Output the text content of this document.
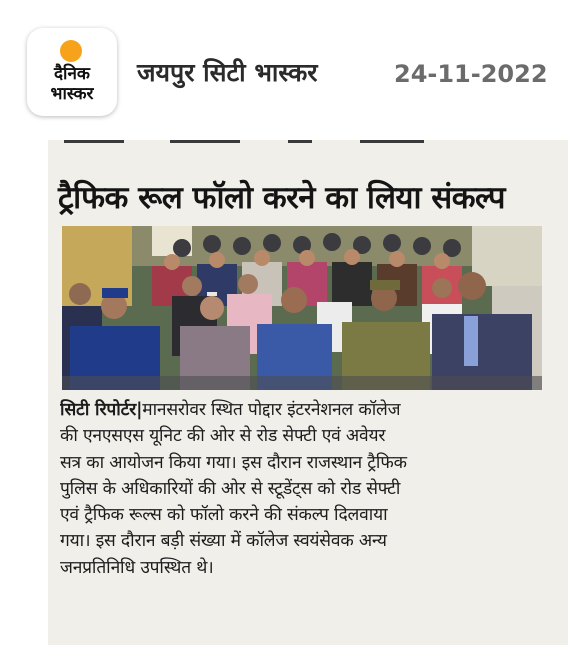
दैनिक
भास्कर
जयपुर सिटी भास्कर	24-11-2022
ट्रैफिक रूल फॉलो करने का लिया संकल्प
सिटी रिपोर्टर|मानसरोवर स्थित पोद्दार इंटरनेशनल कॉलेज
की एनएसएस यूनिट की ओर से रोड सेफ्टी एवं अवेयर
सत्र का आयोजन किया गया। इस दौरान राजस्थान ट्रैफिक
पुलिस के अधिकारियों की ओर से स्टूडेंट्स को रोड सेफ्टी
एवं ट्रैफिक रूल्स को फॉलो करने की संकल्प दिलवाया
गया। इस दौरान बड़ी संख्या में कॉलेज स्वयंसेवक अन्य
जनप्रतिनिधि उपस्थित थे।
